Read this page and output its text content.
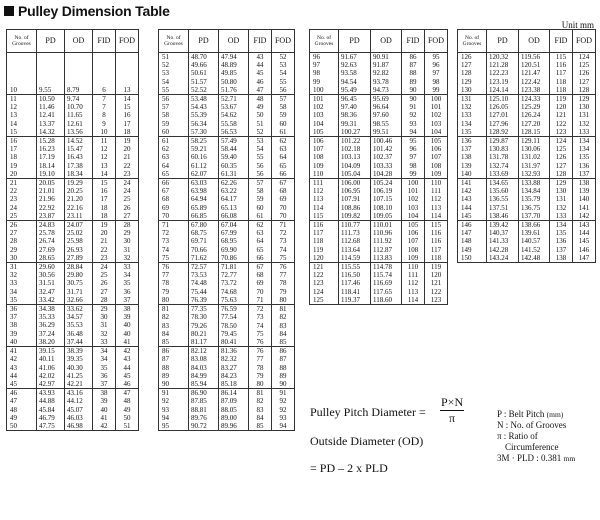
Pulley Dimension Table
Unit mm
No. of Grooves	PD	OD	FID	FOD
10	9.55	8.79	6	13
11	10.50	9.74	7	14
12	11.46	10.70	7	15
13	12.41	11.65	8	16
14	13.37	12.61	9	17
15	14.32	13.56	10	18
16	15.28	14.52	11	19
17	16.23	15.47	12	20
18	17.19	16.43	12	21
19	18.14	17.38	13	22
20	19.10	18.34	14	23
21	20.05	19.29	15	24
22	21.01	20.25	16	24
23	21.96	21.20	17	25
24	22.92	22.16	18	26
25	23.87	23.11	18	27
26	24.83	24.07	19	28
27	25.78	25.02	20	29
28	26.74	25.98	21	30
29	27.69	26.93	22	31
30	28.65	27.89	23	32
31	29.60	28.84	24	33
32	30.56	29.80	25	34
33	31.51	30.75	26	35
34	32.47	31.71	27	36
35	33.42	32.66	28	37
36	34.38	33.62	29	38
37	35.33	34.57	30	39
38	36.29	35.53	31	40
39	37.24	36.48	32	40
40	38.20	37.44	33	41
41	39.15	38.39	34	42
42	40.11	39.35	34	43
43	41.06	40.30	35	44
44	42.02	41.25	36	45
45	42.97	42.21	37	46
46	43.93	43.16	38	47
47	44.88	44.12	39	48
48	45.84	45.07	40	49
49	46.79	46.03	41	50
50	47.75	46.98	42	51
No. of Grooves	PD	OD	FID	FOD
51	48.70	47.94	43	52
52	49.66	48.89	44	53
53	50.61	49.85	45	54
54	51.57	50.80	46	55
55	52.52	51.76	47	56
56	53.48	52.71	48	57
57	54.43	53.67	49	58
58	55.39	54.62	50	59
59	56.34	55.58	51	60
60	57.30	56.53	52	61
61	58.25	57.49	53	62
62	59.21	58.44	54	63
63	60.16	59.40	55	64
64	61.12	60.35	56	65
65	62.07	61.31	56	66
66	63.03	62.26	57	67
67	63.98	63.22	58	68
68	64.94	64.17	59	69
69	65.89	65.13	60	70
70	66.85	66.08	61	70
71	67.80	67.04	62	71
72	68.75	67.99	63	72
73	69.71	68.95	64	73
74	70.66	69.90	65	74
75	71.62	70.86	66	75
76	72.57	71.81	67	76
77	73.53	72.77	68	77
78	74.48	73.72	69	78
79	75.44	74.68	70	79
80	76.39	75.63	71	80
81	77.35	76.59	72	81
82	78.30	77.54	73	82
83	79.26	78.50	74	83
84	80.21	79.45	75	84
85	81.17	80.41	76	85
86	82.12	81.36	76	86
87	83.08	82.32	77	87
88	84.03	83.27	78	88
89	84.99	84.23	79	89
90	85.94	85.18	80	90
91	86.90	86.14	81	91
92	87.85	87.09	82	92
93	88.81	88.05	83	92
94	89.76	89.00	84	93
95	90.72	89.96	85	94
No. of Grooves	PD	OD	FID	FOD
96	91.67	90.91	86	95
97	92.63	91.87	87	96
98	93.58	92.82	88	97
99	94.54	93.78	89	98
100	95.49	94.73	90	99
101	96.45	95.69	90	100
102	97.40	96.64	91	101
103	98.36	97.60	92	102
104	99.31	98.55	93	103
105	100.27	99.51	94	104
106	101.22	100.46	95	105
107	102.18	101.42	96	106
108	103.13	102.37	97	107
109	104.09	103.33	98	108
110	105.04	104.28	99	109
111	106.00	105.24	100	110
112	106.95	106.19	101	111
113	107.91	107.15	102	112
114	108.86	108.10	103	113
115	109.82	109.05	104	114
116	110.77	110.01	105	115
117	111.73	110.96	106	116
118	112.68	111.92	107	116
119	113.64	112.87	108	117
120	114.59	113.83	109	118
121	115.55	114.78	110	119
122	116.50	115.74	111	120
123	117.46	116.69	112	121
124	118.41	117.65	113	122
125	119.37	118.60	114	123
No. of Grooves	PD	OD	FID	FOD
126	120.32	119.56	115	124
127	121.28	120.51	116	125
128	122.23	121.47	117	126
129	123.19	122.42	118	127
130	124.14	123.38	118	128
131	125.10	124.33	119	129
132	126.05	125.29	120	130
133	127.01	126.24	121	131
134	127.96	127.20	122	132
135	128.92	128.15	123	133
136	129.87	129.11	124	134
137	130.83	130.06	125	134
138	131.78	131.02	126	135
139	132.74	131.97	127	136
140	133.69	132.93	128	137
141	134.65	133.88	129	138
142	135.60	134.84	130	139
143	136.55	135.79	131	140
144	137.51	136.75	132	141
145	138.46	137.70	133	142
146	139.42	138.66	134	143
147	140.37	139.61	135	144
148	141.33	140.57	136	145
149	142.28	141.52	137	146
150	143.24	142.48	138	147
Pulley Pitch Diameter = $\frac{P\times N}{\pi}$
Outside Diameter (OD)
= PD – 2 x PLD
P : Belt Pitch (mm)
N : No. of Grooves
π : Ratio of
Circumference
3M · PLD : 0.381 mm
